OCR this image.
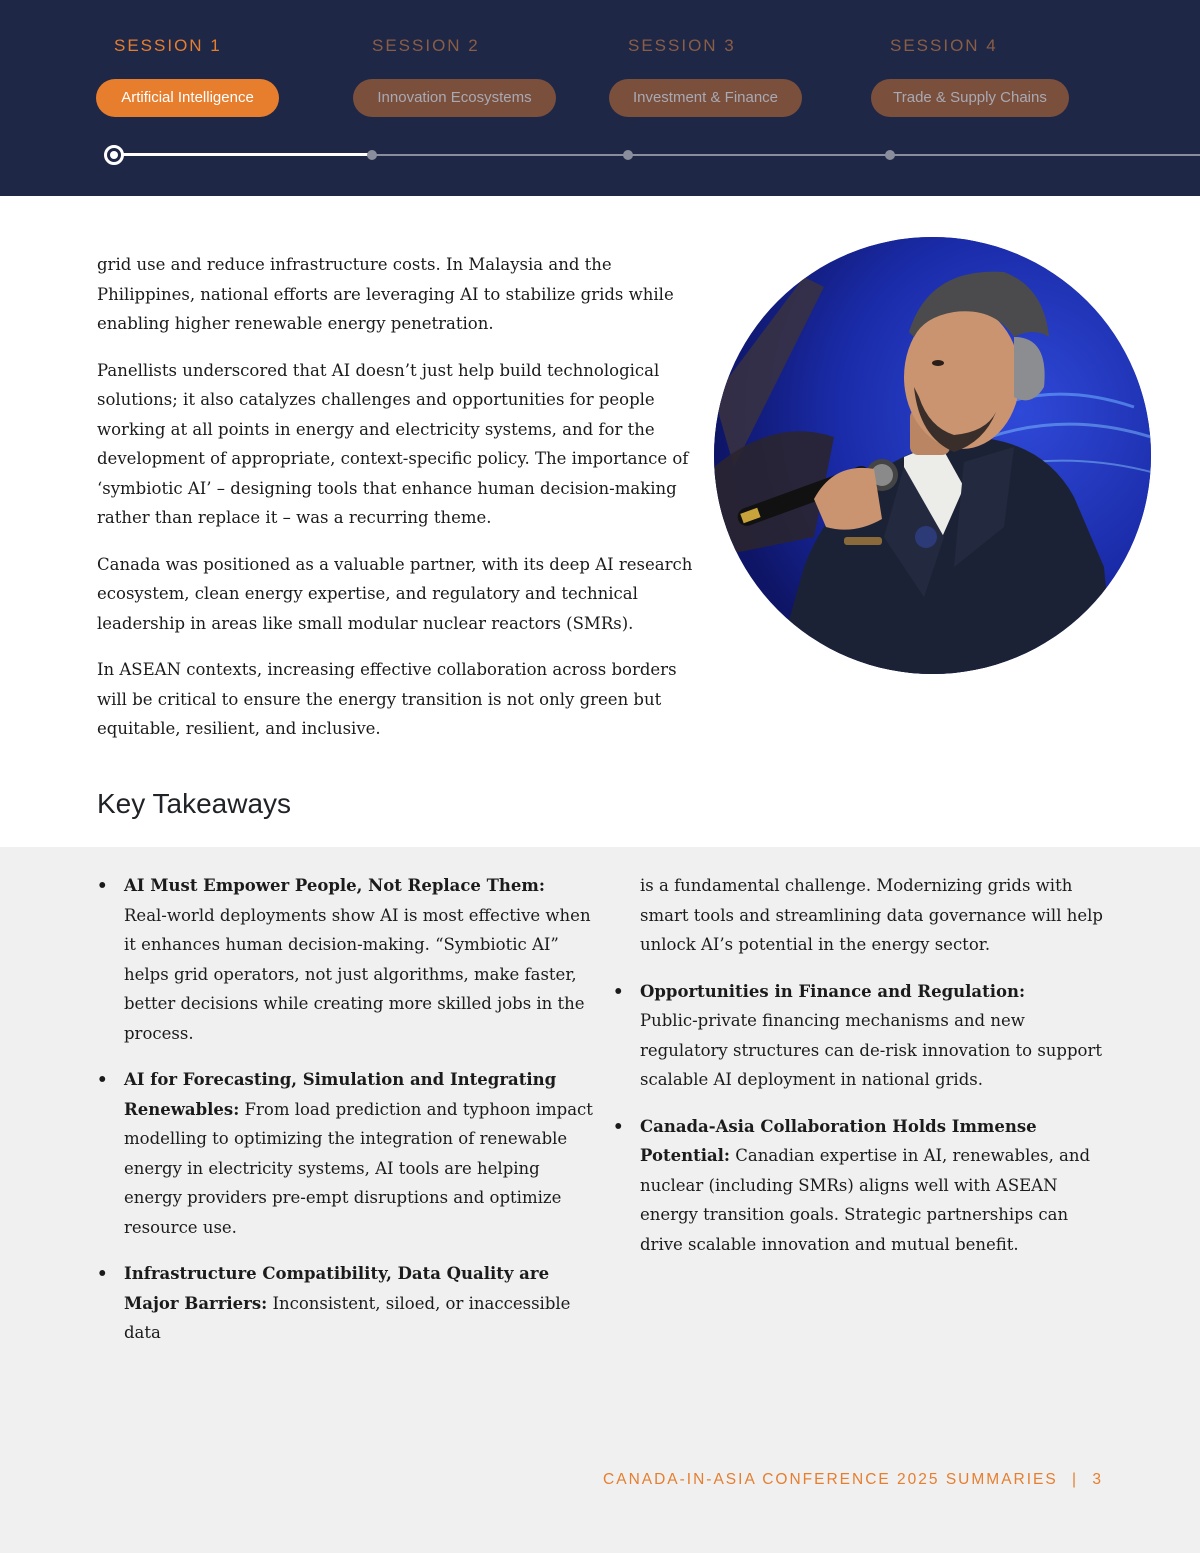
SESSION 1	SESSION 2	SESSION 3	SESSION 4
Artificial Intelligence	Innovation Ecosystems	Investment & Finance	Trade & Supply Chains

grid use and reduce infrastructure costs. In Malaysia and the Philippines, national efforts are leveraging AI to stabilize grids while enabling higher renewable energy penetration.

Panellists underscored that AI doesn’t just help build technological solutions; it also catalyzes challenges and opportunities for people working at all points in energy and electricity systems, and for the development of appropriate, context-specific policy. The importance of ‘symbiotic AI’ – designing tools that enhance human decision-making rather than replace it – was a recurring theme.

Canada was positioned as a valuable partner, with its deep AI research ecosystem, clean energy expertise, and regulatory and technical leadership in areas like small modular nuclear reactors (SMRs).

In ASEAN contexts, increasing effective collaboration across borders will be critical to ensure the energy transition is not only green but equitable, resilient, and inclusive.

Key Takeaways
• AI Must Empower People, Not Replace Them:
Real-world deployments show AI is most effective when it enhances human decision-making. “Symbiotic AI” helps grid operators, not just algorithms, make faster, better decisions while creating more skilled jobs in the process.
• AI for Forecasting, Simulation and Integrating Renewables: From load prediction and typhoon impact modelling to optimizing the integration of renewable energy in electricity systems, AI tools are helping energy providers pre-empt disruptions and optimize resource use.
• Infrastructure Compatibility, Data Quality are Major Barriers: Inconsistent, siloed, or inaccessible data
is a fundamental challenge. Modernizing grids with smart tools and streamlining data governance will help unlock AI’s potential in the energy sector.
• Opportunities in Finance and Regulation:
Public-private financing mechanisms and new regulatory structures can de-risk innovation to support scalable AI deployment in national grids.
• Canada-Asia Collaboration Holds Immense Potential: Canadian expertise in AI, renewables, and nuclear (including SMRs) aligns well with ASEAN energy transition goals. Strategic partnerships can drive scalable innovation and mutual benefit.
CANADA-IN-ASIA CONFERENCE 2025 SUMMARIES | 3
